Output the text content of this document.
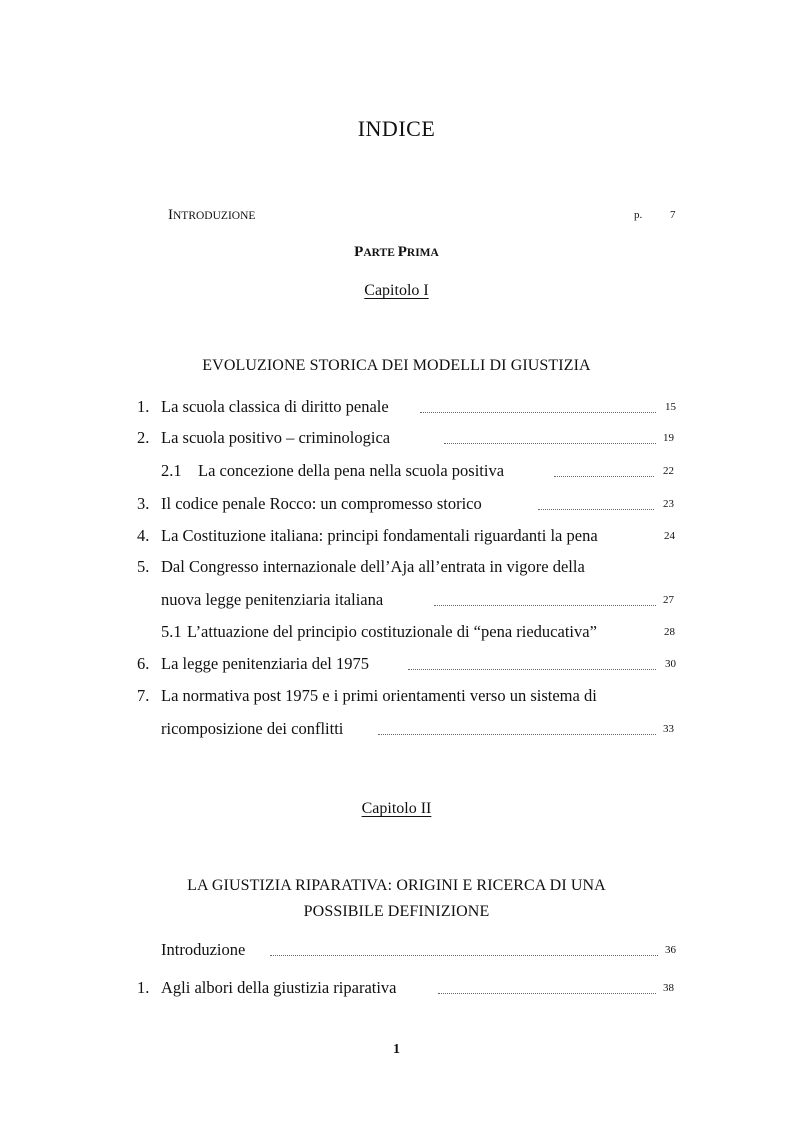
INDICE
INTRODUZIONE	p.	7
PARTE PRIMA
Capitolo I
EVOLUZIONE STORICA DEI MODELLI DI GIUSTIZIA
1. La scuola classica di diritto penale	15
2. La scuola positivo – criminologica	19
2.1 La concezione della pena nella scuola positiva	22
3. Il codice penale Rocco: un compromesso storico	23
4. La Costituzione italiana: principi fondamentali riguardanti la pena	24
5. Dal Congresso internazionale dell’Aja all’entrata in vigore della
nuova legge penitenziaria italiana	27
5.1 L’attuazione del principio costituzionale di “pena rieducativa”	28
6. La legge penitenziaria del 1975	30
7. La normativa post 1975 e i primi orientamenti verso un sistema di
ricomposizione dei conflitti	33
Capitolo II
LA GIUSTIZIA RIPARATIVA: ORIGINI E RICERCA DI UNA
POSSIBILE DEFINIZIONE
Introduzione	36
1. Agli albori della giustizia riparativa	38
1
